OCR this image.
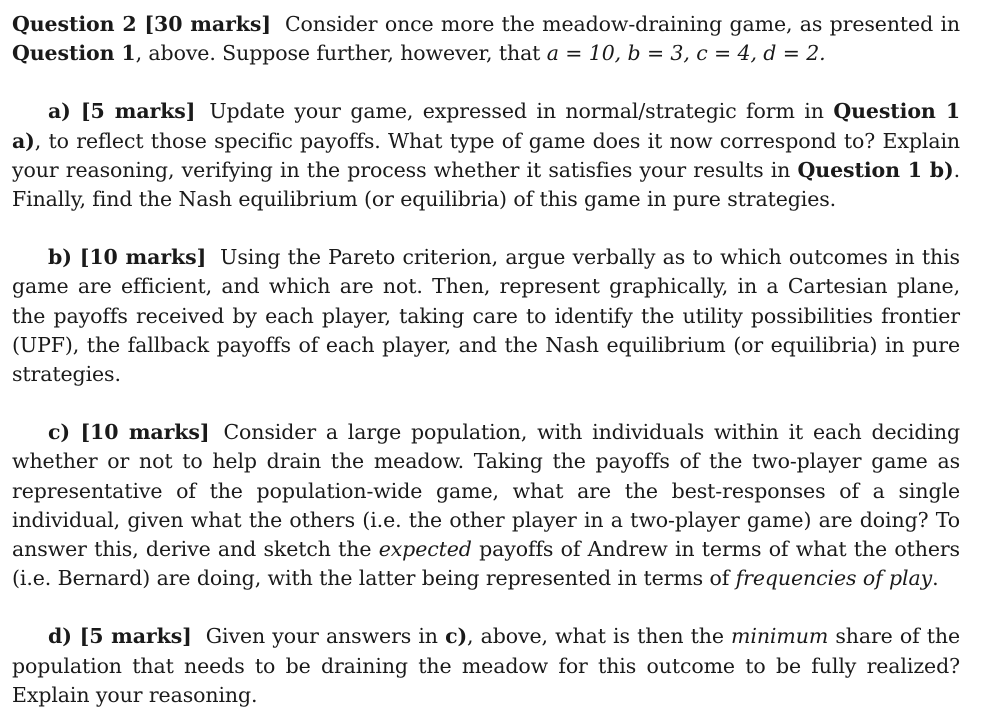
Question 2 [30 marks] Consider once more the meadow-draining game, as presented in Question 1, above. Suppose further, however, that a = 10, b = 3, c = 4, d = 2.

a) [5 marks] Update your game, expressed in normal/strategic form in Question 1 a), to reflect those specific payoffs. What type of game does it now correspond to? Explain your reasoning, verifying in the process whether it satisfies your results in Question 1 b). Finally, find the Nash equilibrium (or equilibria) of this game in pure strategies.

b) [10 marks] Using the Pareto criterion, argue verbally as to which outcomes in this game are efficient, and which are not. Then, represent graphically, in a Cartesian plane, the payoffs received by each player, taking care to identify the utility possibilities frontier (UPF), the fallback payoffs of each player, and the Nash equilibrium (or equilibria) in pure strategies.

c) [10 marks] Consider a large population, with individuals within it each deciding whether or not to help drain the meadow. Taking the payoffs of the two-player game as representative of the population-wide game, what are the best-responses of a single individual, given what the others (i.e. the other player in a two-player game) are doing? To answer this, derive and sketch the expected payoffs of Andrew in terms of what the others (i.e. Bernard) are doing, with the latter being represented in terms of frequencies of play.

d) [5 marks] Given your answers in c), above, what is then the minimum share of the population that needs to be draining the meadow for this outcome to be fully realized? Explain your reasoning.
